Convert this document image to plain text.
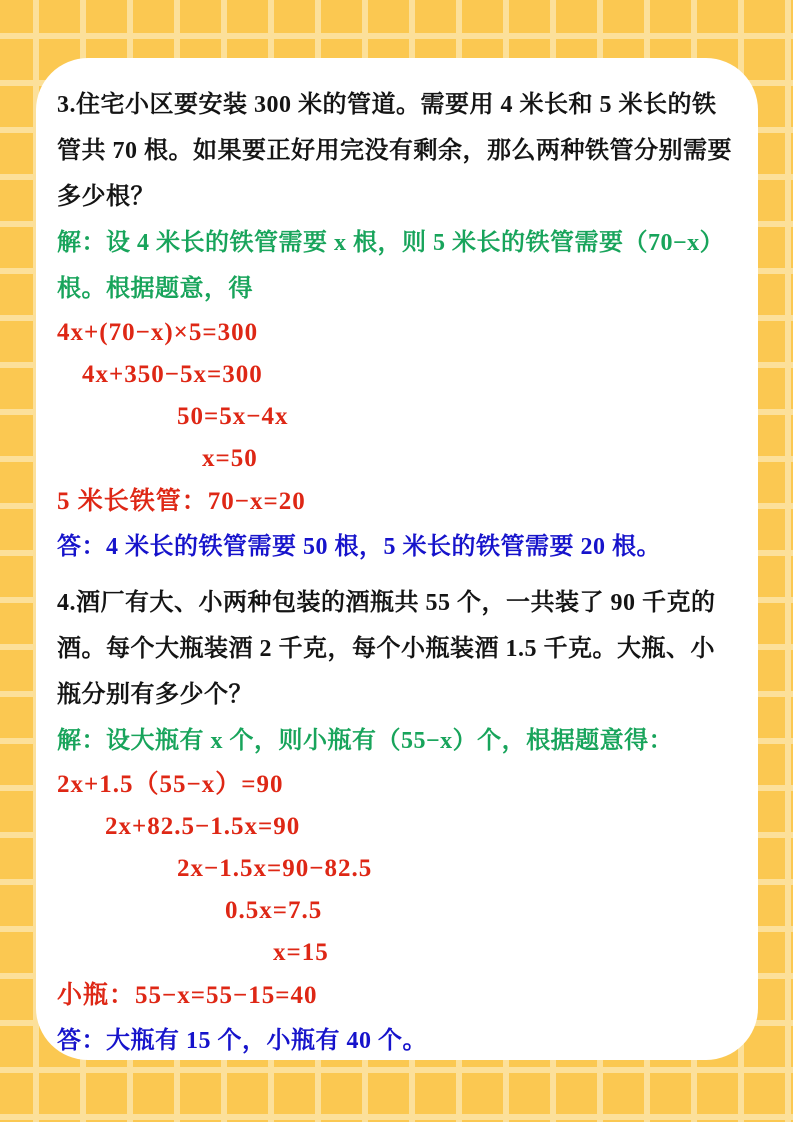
3.住宅小区要安装 300 米的管道。需要用 4 米长和 5 米长的铁管共 70 根。如果要正好用完没有剩余，那么两种铁管分别需要多少根？

解：设 4 米长的铁管需要 x 根，则 5 米长的铁管需要（70−x）根。根据题意，得

4x+(70−x)×5=300
4x+350−5x=300
50=5x−4x
x=50

5 米长铁管：70−x=20

答：4 米长的铁管需要 50 根，5 米长的铁管需要 20 根。

4.酒厂有大、小两种包装的酒瓶共 55 个，一共装了 90 千克的酒。每个大瓶装酒 2 千克，每个小瓶装酒 1.5 千克。大瓶、小瓶分别有多少个？

解：设大瓶有 x 个，则小瓶有（55−x）个，根据题意得：

2x+1.5（55−x）=90
2x+82.5−1.5x=90
2x−1.5x=90−82.5
0.5x=7.5
x=15

小瓶：55−x=55−15=40

答：大瓶有 15 个，小瓶有 40 个。
